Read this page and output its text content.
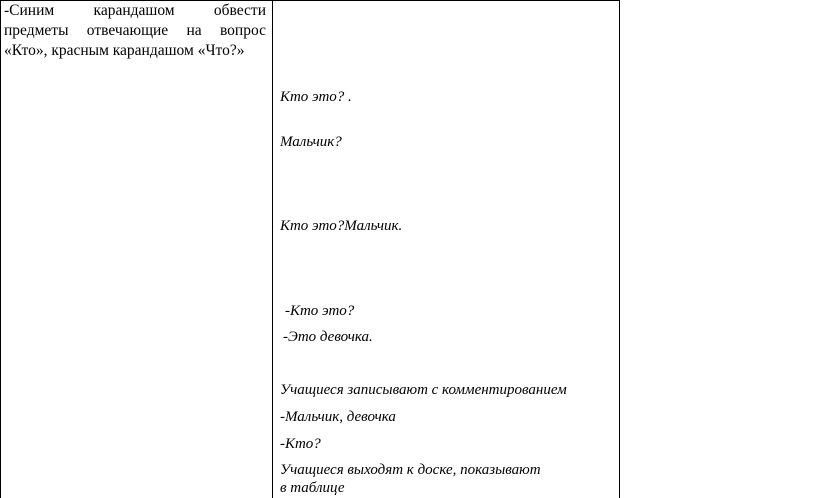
-Синим карандашом обвести
предметы отвечающие на вопрос
«Кто», красным карандашом «Что?»
Кто это? .
Мальчик?
Кто это?Мальчик.
-Кто это?
-Это девочка.
Учащиеся записывают с комментированием
-Мальчик, девочка
-Кто?
Учащиеся выходят к доске, показывают
в таблице
